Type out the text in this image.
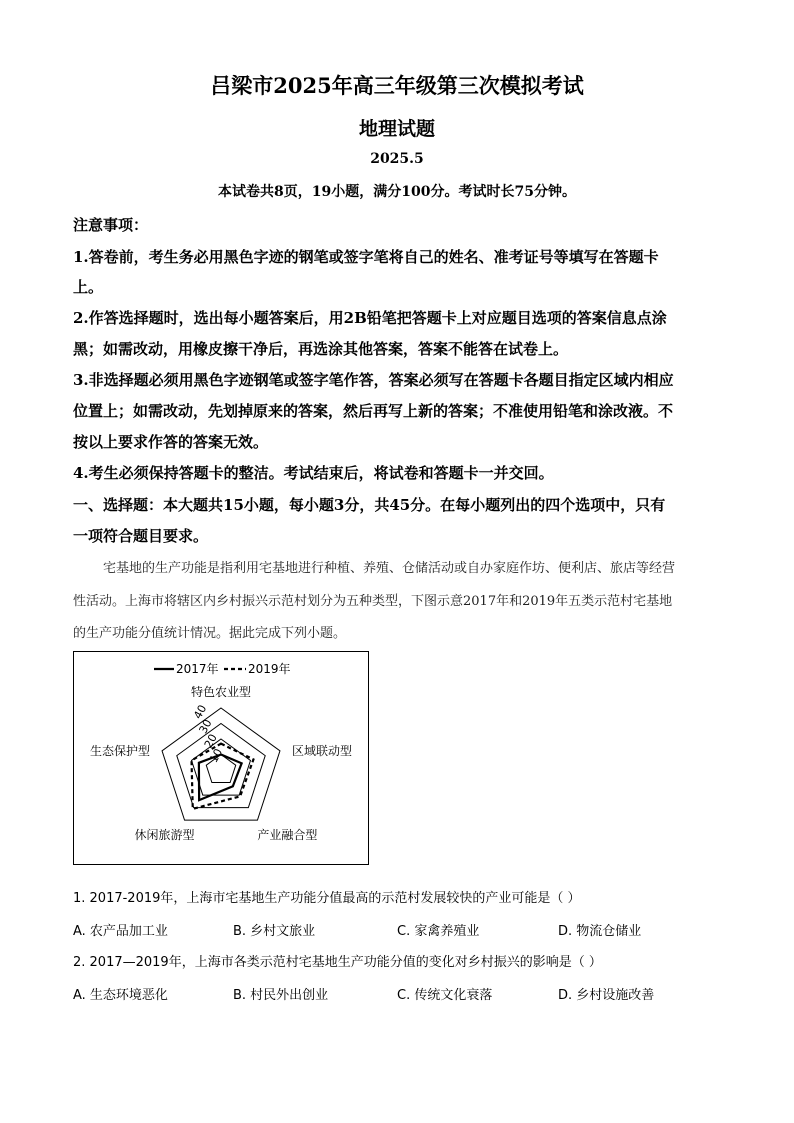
吕梁市2025年高三年级第三次模拟考试
地理试题
2025.5
本试卷共8页，19小题，满分100分。考试时长75分钟。
注意事项：
1.答卷前，考生务必用黑色字迹的钢笔或签字笔将自己的姓名、准考证号等填写在答题卡
上。
2.作答选择题时，选出每小题答案后，用2B铅笔把答题卡上对应题目选项的答案信息点涂
黑；如需改动，用橡皮擦干净后，再选涂其他答案，答案不能答在试卷上。
3.非选择题必须用黑色字迹钢笔或签字笔作答，答案必须写在答题卡各题目指定区域内相应
位置上；如需改动，先划掉原来的答案，然后再写上新的答案；不准使用铅笔和涂改液。不
按以上要求作答的答案无效。
4.考生必须保持答题卡的整洁。考试结束后，将试卷和答题卡一并交回。
一、选择题：本大题共15小题，每小题3分，共45分。在每小题列出的四个选项中，只有
一项符合题目要求。
宅基地的生产功能是指利用宅基地进行种植、养殖、仓储活动或自办家庭作坊、便利店、旅店等经营
性活动。上海市将辖区内乡村振兴示范村划分为五种类型，下图示意2017年和2019年五类示范村宅基地
的生产功能分值统计情况。据此完成下列小题。
10
20
30
40
特色农业型
区域联动型
产业融合型
休闲旅游型
生态保护型
2017年 2019年
1. 2017-2019年，上海市宅基地生产功能分值最高的示范村发展较快的产业可能是（ ）
A. 农产品加工业	B. 乡村文旅业	C. 家禽养殖业	D. 物流仓储业
2. 2017—2019年，上海市各类示范村宅基地生产功能分值的变化对乡村振兴的影响是（ ）
A. 生态环境恶化	B. 村民外出创业	C. 传统文化衰落	D. 乡村设施改善
